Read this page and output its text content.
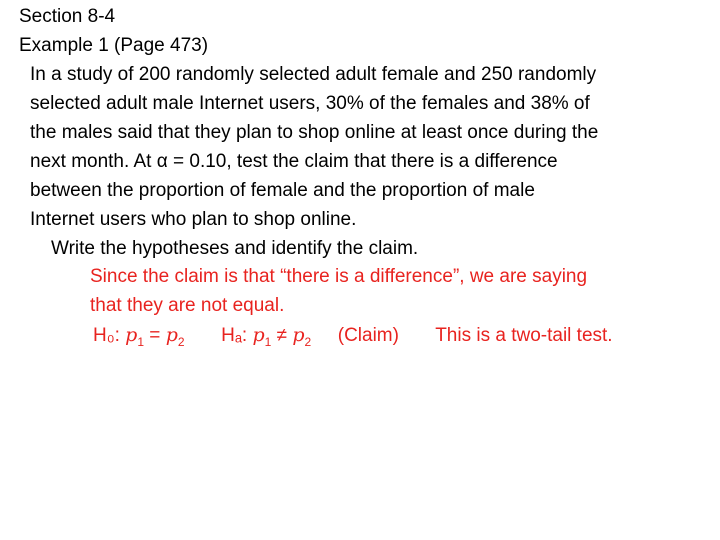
Section 8-4
Example 1 (Page 473)
In a study of 200 randomly selected adult female and 250 randomly
selected adult male Internet users, 30% of the females and 38% of
the males said that they plan to shop online at least once during the
next month. At α = 0.10, test the claim that there is a difference
between the proportion of female and the proportion of male
Internet users who plan to shop online.
Write the hypotheses and identify the claim.
Since the claim is that “there is a difference”, we are saying
that they are not equal.
H₀: $p_1 = p_2$ Hₐ: $p_1 \ne p_2$ (Claim) This is a two-tail test.
